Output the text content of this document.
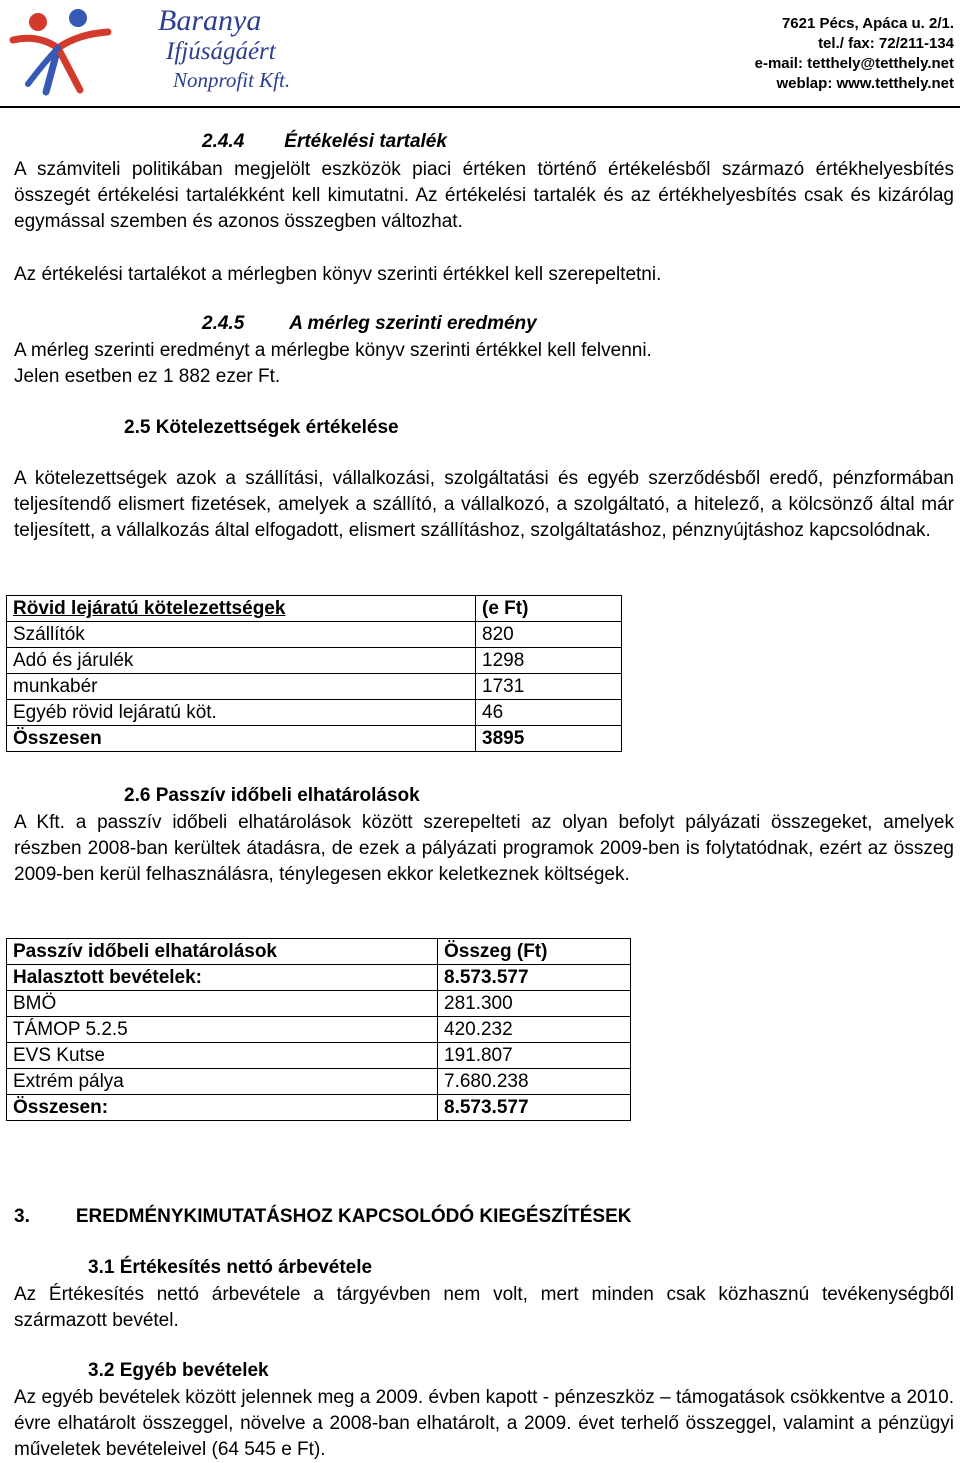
Baranya
Ifjúságáért
Nonprofit Kft.
7621 Pécs, Apáca u. 2/1.
tel./ fax: 72/211-134
e-mail: tetthely@tetthely.net
weblap: www.tetthely.net
2.4.4 Értékelési tartalék
A számviteli politikában megjelölt eszközök piaci értéken történő értékelésből származó értékhelyesbítés összegét értékelési tartalékként kell kimutatni. Az értékelési tartalék és az értékhelyesbítés csak és kizárólag egymással szemben és azonos összegben változhat.
Az értékelési tartalékot a mérlegben könyv szerinti értékkel kell szerepeltetni.
2.4.5 A mérleg szerinti eredmény
A mérleg szerinti eredményt a mérlegbe könyv szerinti értékkel kell felvenni.
Jelen esetben ez 1 882 ezer Ft.
2.5 Kötelezettségek értékelése
A kötelezettségek azok a szállítási, vállalkozási, szolgáltatási és egyéb szerződésből eredő, pénzformában teljesítendő elismert fizetések, amelyek a szállító, a vállalkozó, a szolgáltató, a hitelező, a kölcsönző által már teljesített, a vállalkozás által elfogadott, elismert szállításhoz, szolgáltatáshoz, pénznyújtáshoz kapcsolódnak.
Rövid lejáratú kötelezettségek	(e Ft)
Szállítók	820
Adó és járulék	1298
munkabér	1731
Egyéb rövid lejáratú köt.	46
Összesen	3895
2.6 Passzív időbeli elhatárolások
A Kft. a passzív időbeli elhatárolások között szerepelteti az olyan befolyt pályázati összegeket, amelyek részben 2008-ban kerültek átadásra, de ezek a pályázati programok 2009-ben is folytatódnak, ezért az összeg 2009-ben kerül felhasználásra, ténylegesen ekkor keletkeznek költségek.
Passzív időbeli elhatárolások	Összeg (Ft)
Halasztott bevételek:	8.573.577
BMÖ	281.300
TÁMOP 5.2.5	420.232
EVS Kutse	191.807
Extrém pálya	7.680.238
Összesen:	8.573.577
3. EREDMÉNYKIMUTATÁSHOZ KAPCSOLÓDÓ KIEGÉSZÍTÉSEK
3.1 Értékesítés nettó árbevétele
Az Értékesítés nettó árbevétele a tárgyévben nem volt, mert minden csak közhasznú tevékenységből származott bevétel.
3.2 Egyéb bevételek
Az egyéb bevételek között jelennek meg a 2009. évben kapott - pénzeszköz – támogatások csökkentve a 2010. évre elhatárolt összeggel, növelve a 2008-ban elhatárolt, a 2009. évet terhelő összeggel, valamint a pénzügyi műveletek bevételeivel (64 545 e Ft).
